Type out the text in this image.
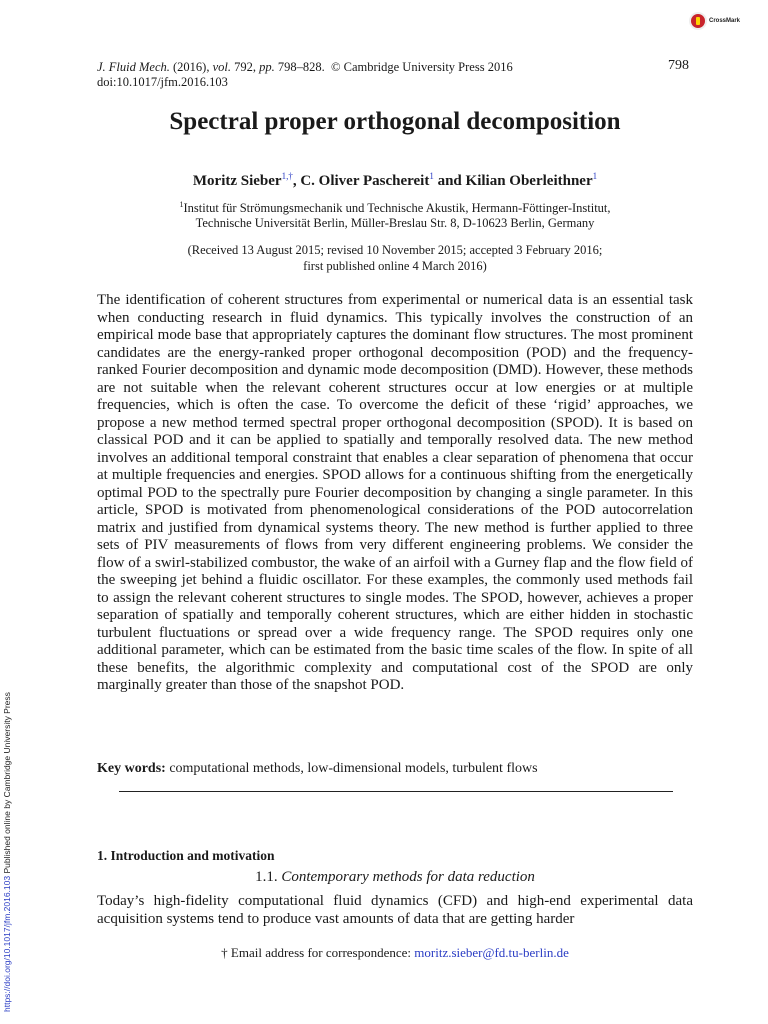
CrossMark
J. Fluid Mech. (2016), vol. 792, pp. 798–828. © Cambridge University Press 2016
doi:10.1017/jfm.2016.103
798
Spectral proper orthogonal decomposition
Moritz Sieber$^{1,\dagger}$, C. Oliver Paschereit$^1$ and Kilian Oberleithner$^1$
$^1$Institut für Strömungsmechanik und Technische Akustik, Hermann-Föttinger-Institut,
Technische Universität Berlin, Müller-Breslau Str. 8, D-10623 Berlin, Germany
(Received 13 August 2015; revised 10 November 2015; accepted 3 February 2016;
first published online 4 March 2016)
The identification of coherent structures from experimental or numerical data is an essential task when conducting research in fluid dynamics. This typically involves the construction of an empirical mode base that appropriately captures the dominant flow structures. The most prominent candidates are the energy-ranked proper orthogonal decomposition (POD) and the frequency-ranked Fourier decomposition and dynamic mode decomposition (DMD). However, these methods are not suitable when the relevant coherent structures occur at low energies or at multiple frequencies, which is often the case. To overcome the deficit of these ‘rigid’ approaches, we propose a new method termed spectral proper orthogonal decomposition (SPOD). It is based on classical POD and it can be applied to spatially and temporally resolved data. The new method involves an additional temporal constraint that enables a clear separation of phenomena that occur at multiple frequencies and energies. SPOD allows for a continuous shifting from the energetically optimal POD to the spectrally pure Fourier decomposition by changing a single parameter. In this article, SPOD is motivated from phenomenological considerations of the POD autocorrelation matrix and justified from dynamical systems theory. The new method is further applied to three sets of PIV measurements of flows from very different engineering problems. We consider the flow of a swirl-stabilized combustor, the wake of an airfoil with a Gurney flap and the flow field of the sweeping jet behind a fluidic oscillator. For these examples, the commonly used methods fail to assign the relevant coherent structures to single modes. The SPOD, however, achieves a proper separation of spatially and temporally coherent structures, which are either hidden in stochastic turbulent fluctuations or spread over a wide frequency range. The SPOD requires only one additional parameter, which can be estimated from the basic time scales of the flow. In spite of all these benefits, the algorithmic complexity and computational cost of the SPOD are only marginally greater than those of the snapshot POD.
Key words: computational methods, low-dimensional models, turbulent flows
1. Introduction and motivation
1.1. Contemporary methods for data reduction
Today’s high-fidelity computational fluid dynamics (CFD) and high-end experimental data acquisition systems tend to produce vast amounts of data that are getting harder
† Email address for correspondence: moritz.sieber@fd.tu-berlin.de
https://doi.org/10.1017/jfm.2016.103 Published online by Cambridge University Press
